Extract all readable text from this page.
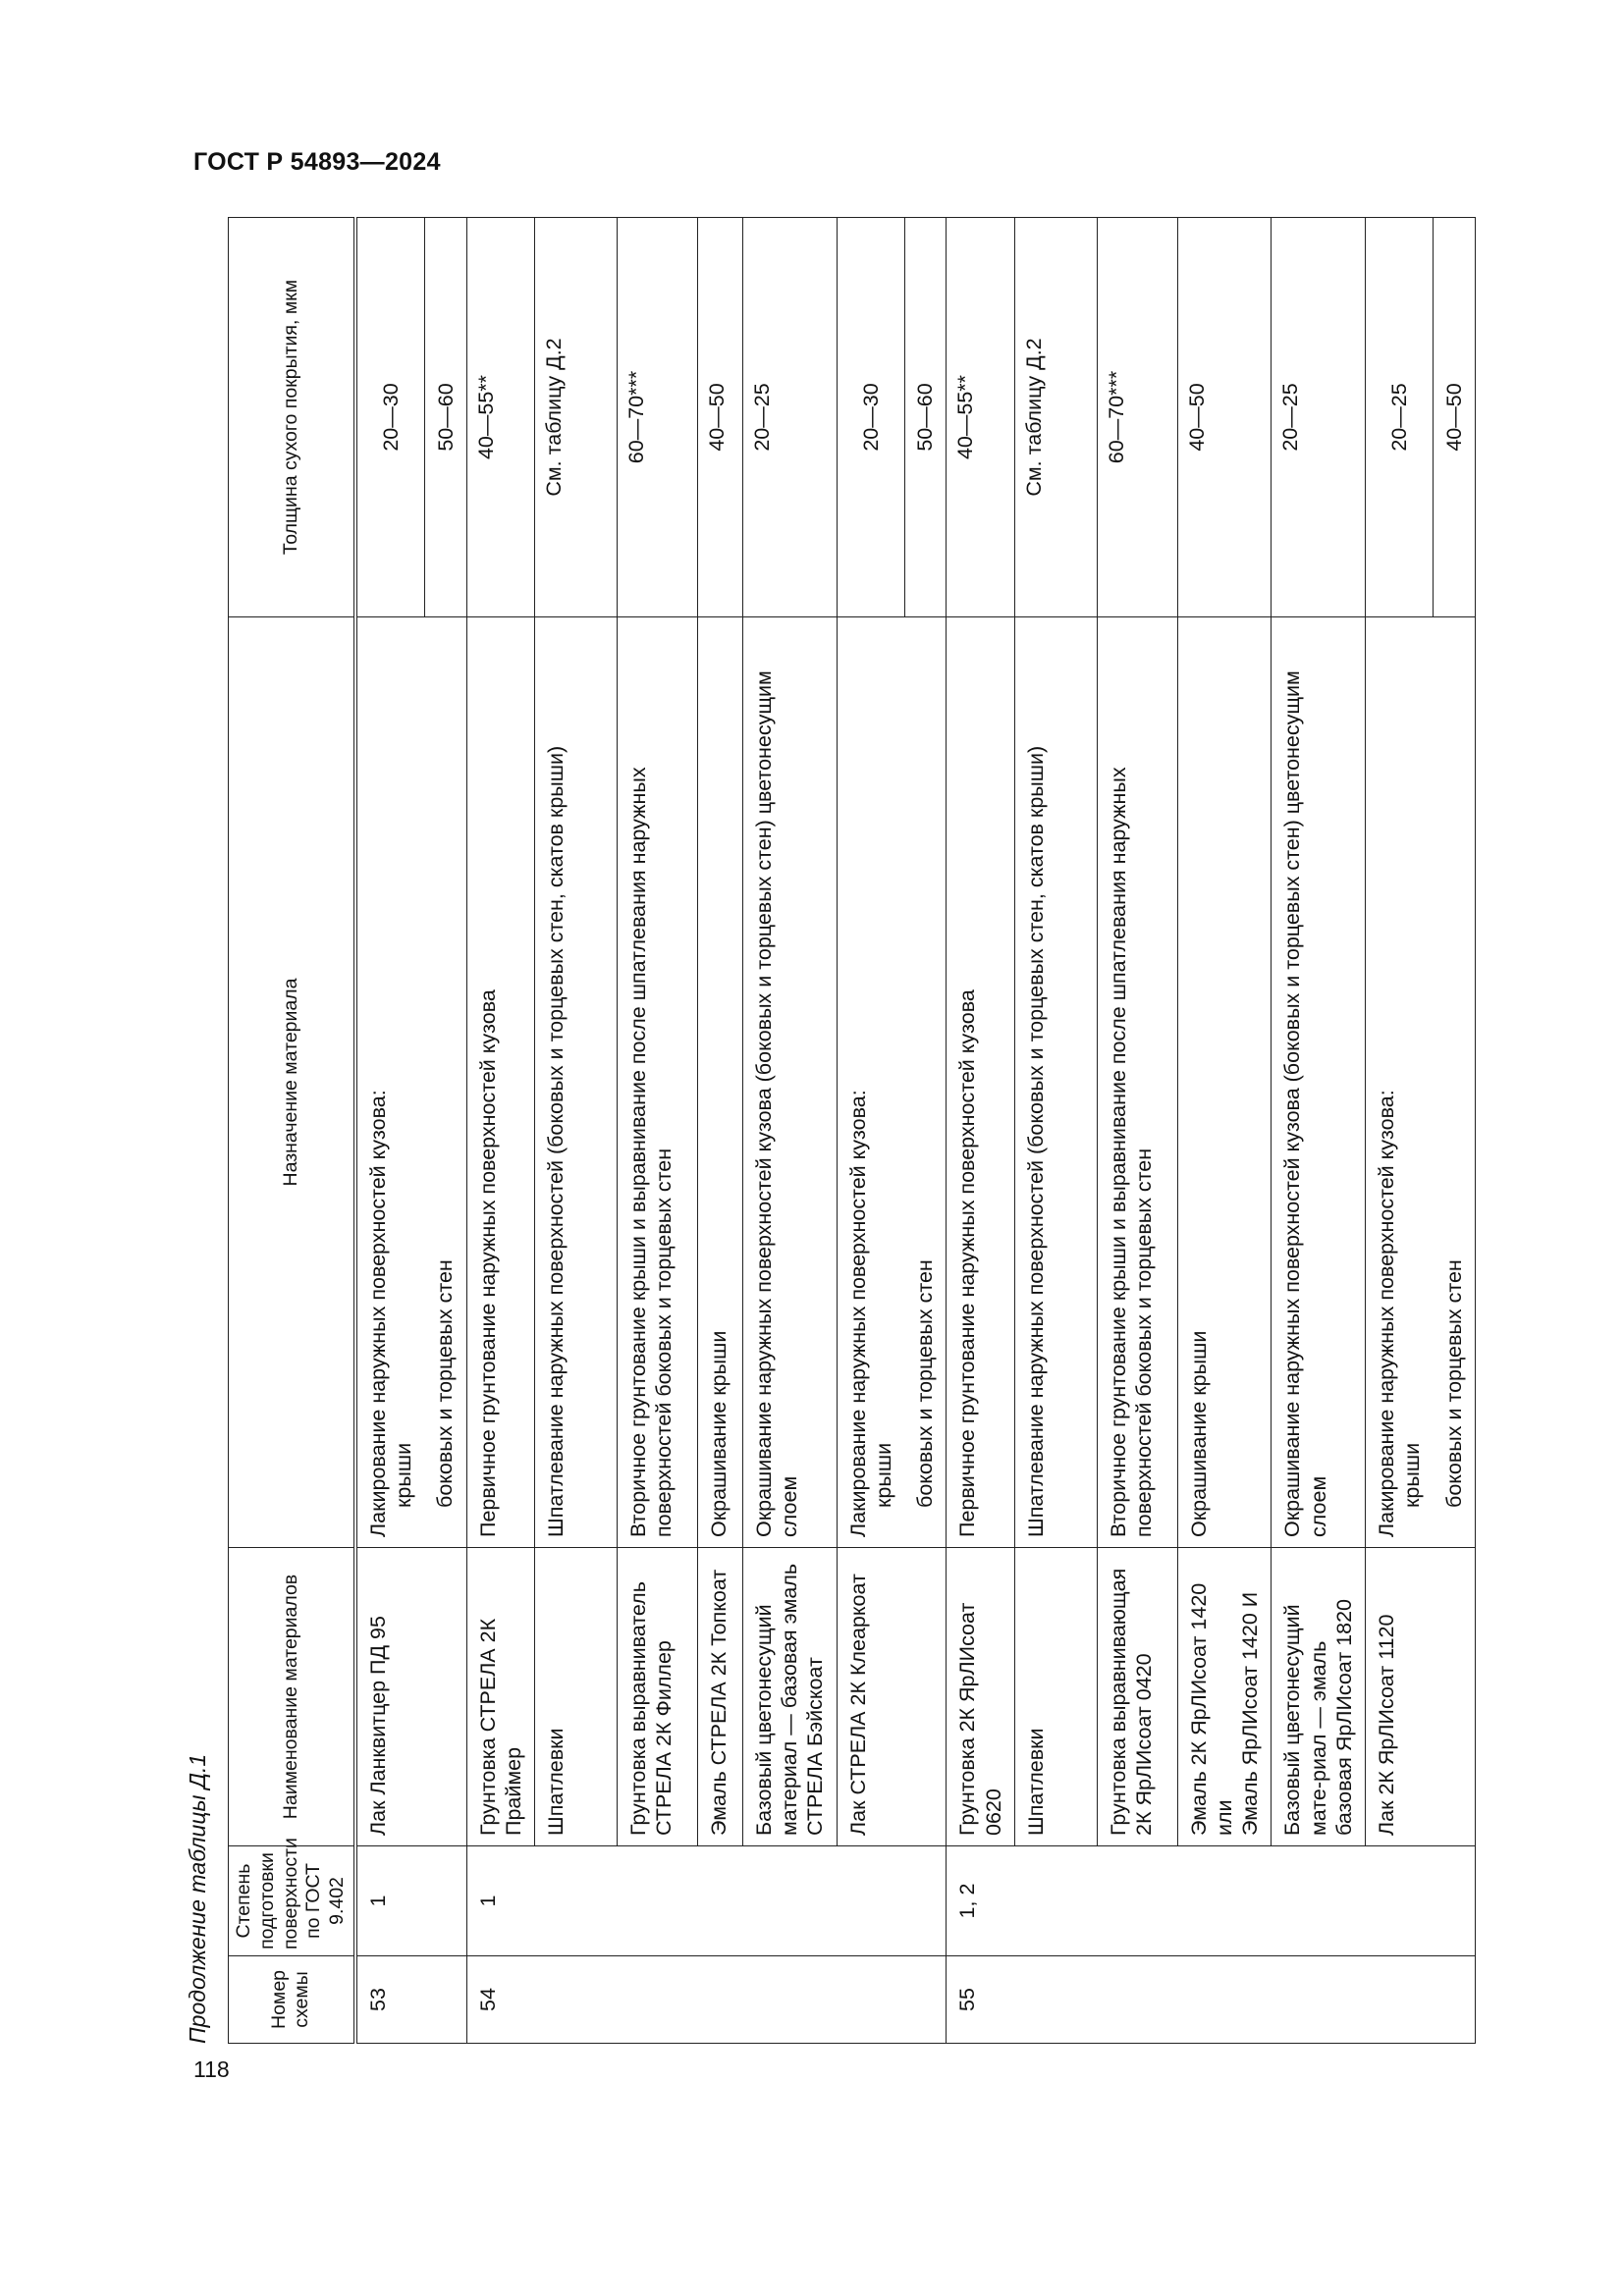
ГОСТ Р 54893—2024
118
Продолжение таблицы Д.1	Номер схемы	Степень подготовки поверхности по ГОСТ 9.402	Наименование материалов	Назначение материала	Толщина сухого покрытия, мкм
53	1	Лак Ланквитцер ПД 95	Лакирование наружных поверхностей кузова: крыши	20—30

			боковых и торцевых стен	50—60
54	1	Грунтовка СТРЕЛА 2К Праймер	Первичное грунтование наружных поверхностей кузова	40—55**
		Шпатлевки	Шпатлевание наружных поверхностей (боковых и торцевых стен, скатов крыши)	См. таблицу Д.2
		Грунтовка выравниватель СТРЕЛА 2К Филлер	Вторичное грунтование крыши и выравнивание после шпатлевания наружных поверхностей боковых и торцевых стен	60—70***
		Эмаль СТРЕЛА 2К Топкоат	Окрашивание крыши	40—50
		Базовый цветонесущий материал — базовая эмаль СТРЕЛА Бэйскоат	Окрашивание наружных поверхностей кузова (боковых и торцевых стен) цветонесущим слоем	20—25
		Лак СТРЕЛА 2К Клеаркоат	Лакирование наружных поверхностей кузова: крыши	20—30

			боковых и торцевых стен	50—60
55	1, 2	Грунтовка 2К ЯрЛИсоат 0620	Первичное грунтование наружных поверхностей кузова	40—55**
		Шпатлевки	Шпатлевание наружных поверхностей (боковых и торцевых стен, скатов крыши)	См. таблицу Д.2
		Грунтовка выравнивающая 2К ЯрЛИсоат 0420	Вторичное грунтование крыши и выравнивание после шпатлевания наружных поверхностей боковых и торцевых стен	60—70***

		Эмаль 2К ЯрЛИсоат 1420 или Эмаль ЯрЛИсоат 1420 И	Окрашивание крыши	40—50
		Базовый цветонесущий мате-риал — эмаль базовая ЯрЛИсоат 1820	Окрашивание наружных поверхностей кузова (боковых и торцевых стен) цветонесущим слоем	20—25
		Лак 2К ЯрЛИсоат 1120	Лакирование наружных поверхностей кузова: крыши	20—25

			боковых и торцевых стен	40—50
